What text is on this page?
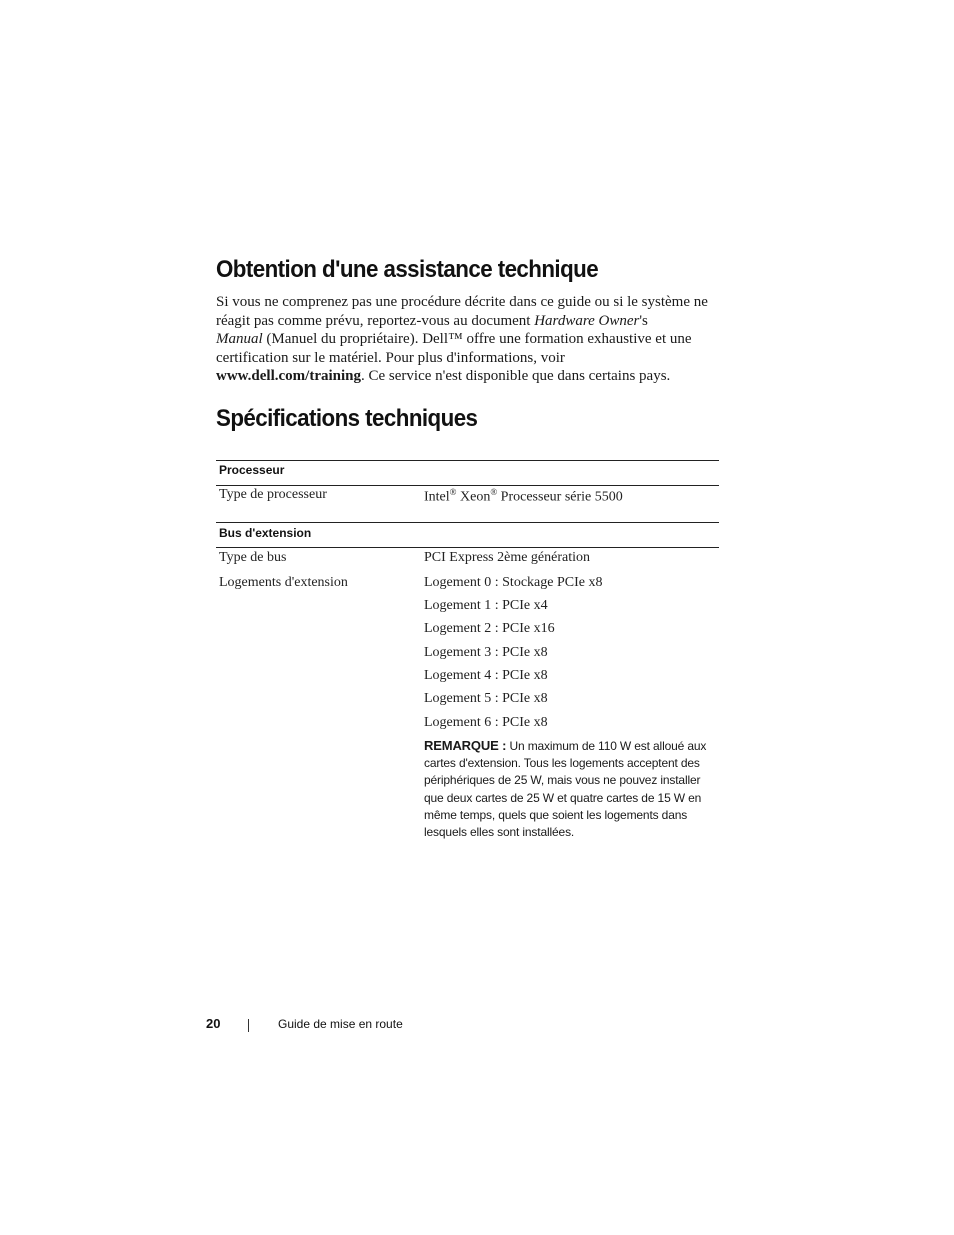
Obtention d'une assistance technique

Si vous ne comprenez pas une procédure décrite dans ce guide ou si le système ne réagit pas comme prévu, reportez-vous au document Hardware Owner's
Manual (Manuel du propriétaire). Dell™ offre une formation exhaustive et une certification sur le matériel. Pour plus d'informations, voir www.dell.com/training. Ce service n'est disponible que dans certains pays.

Spécifications techniques

Processeur

Type de processeur	Intel® Xeon® Processeur série 5500

Bus d'extension

Type de bus	PCI Express 2ème génération

Logements d'extension	Logement 0 : Stockage PCIe x8

Logement 1 : PCIe x4

Logement 2 : PCIe x16

Logement 3 : PCIe x8

Logement 4 : PCIe x8

Logement 5 : PCIe x8

Logement 6 : PCIe x8

REMARQUE : Un maximum de 110 W est alloué aux cartes d'extension. Tous les logements acceptent des périphériques de 25 W, mais vous ne pouvez installer que deux cartes de 25 W et quatre cartes de 15 W en même temps, quels que soient les logements dans lesquels elles sont installées.

20	Guide de mise en route
